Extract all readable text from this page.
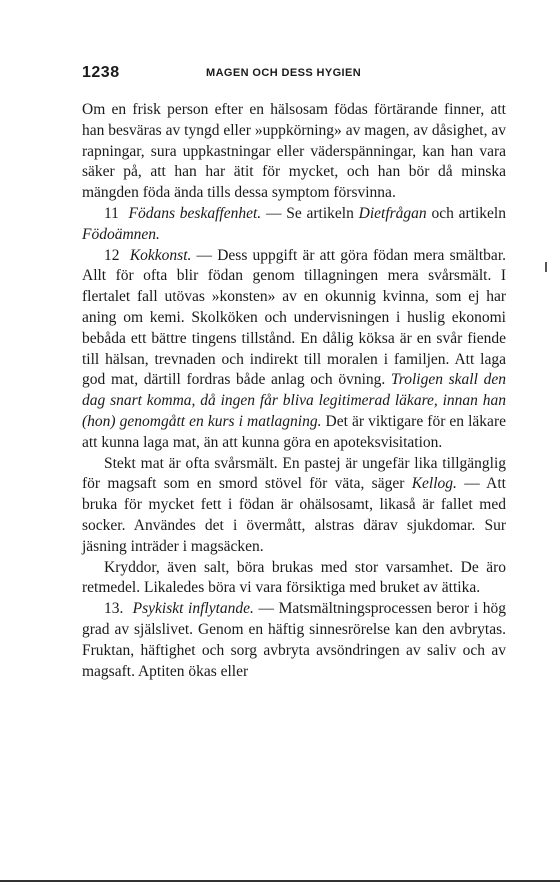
1238	MAGEN OCH DESS HYGIEN

Om en frisk person efter en hälsosam födas förtärande finner, att han besväras av tyngd eller »uppkörning» av magen, av dåsighet, av rapningar, sura uppkastningar eller väderspänningar, kan han vara säker på, att han har ätit för mycket, och han bör då minska mängden föda ända tills dessa symptom försvinna.

11 Födans beskaffenhet. — Se artikeln Dietfrågan och artikeln Födoämnen.

12 Kokkonst. — Dess uppgift är att göra födan mera smältbar. Allt för ofta blir födan genom tillagningen mera svårsmält. I flertalet fall utövas »konsten» av en okunnig kvinna, som ej har aning om kemi. Skolköken och undervisningen i huslig ekonomi bebåda ett bättre tingens tillstånd. En dålig köksa är en svår fiende till hälsan, trevnaden och indirekt till moralen i familjen. Att laga god mat, därtill fordras både anlag och övning. Troligen skall den dag snart komma, då ingen får bliva legitimerad läkare, innan han (hon) genomgått en kurs i matlagning. Det är viktigare för en läkare att kunna laga mat, än att kunna göra en apoteksvisitation.

Stekt mat är ofta svårsmält. En pastej är ungefär lika tillgänglig för magsaft som en smord stövel för väta, säger Kellog. — Att bruka för mycket fett i födan är ohälsosamt, likaså är fallet med socker. Användes det i övermått, alstras därav sjukdomar. Sur jäsning inträder i magsäcken.

Kryddor, även salt, böra brukas med stor varsamhet. De äro retmedel. Likaledes böra vi vara försiktiga med bruket av ättika.

13. Psykiskt inflytande. — Matsmältningsprocessen beror i hög grad av själslivet. Genom en häftig sinnesrörelse kan den avbrytas. Fruktan, häftighet och sorg avbryta avsöndringen av saliv och av magsaft. Aptiten ökas eller
